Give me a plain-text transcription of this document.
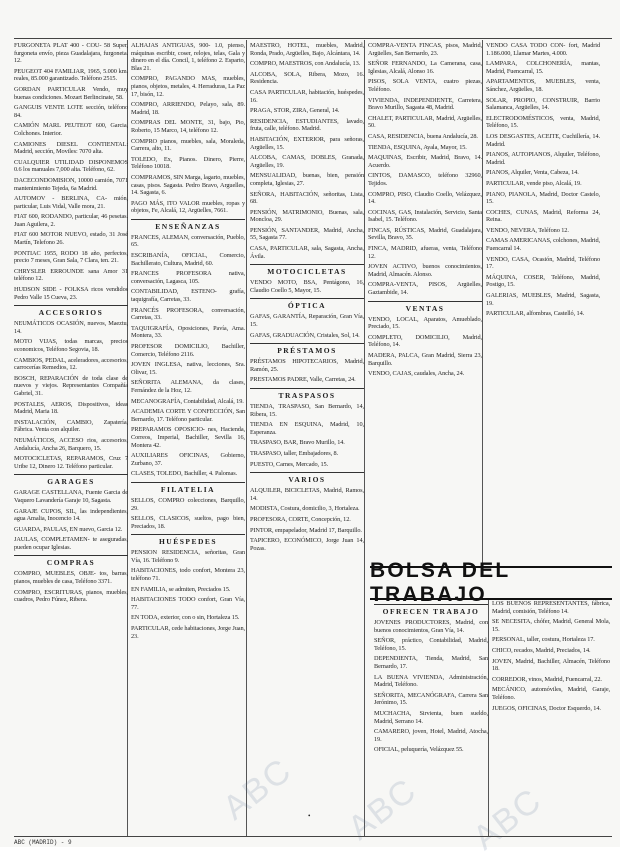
FURGONETA PLAT 400 - COU- 58 Super, furgoneta envío, pieza Guadalajara, furgoneta. 12.
PEUGEOT 404 FAMILIAR, 1965, 5.000 km. reales, 85.000 garantizado. Teléfono 2515.
GORDAN PARTICULAR Vendo, muy buenas condiciones. Mozart Berlincinate, 58.
GANGUIS VENTE LOTE sección, teléfono 84.
CAMIÓN MARL PEUTEOT 600, Garcia, Colchones. Interior.
CAMIONES DIESEL CONTIENTAL: Madrid, sección, Moviles: 7070 alta.
CUALQUIER UTILIDAD DISPONEMOS 0.6 los manuales 7,000 alta. Teléfono, 62.
DACECONDOMISION, 10000 camión, 7071 mantenimiento Tejeda, 6a Madrid.
AUTOMOV - BERLINA, CA- mión, particular, Luis Vidal, Valle mora, 21.
FIAT 600, RODANDO, particular, 46 pesetas. Juan Aguilera, 2.
FIAT 600 MOTOR NUEVO, estado, 31 José Martín, Telefono 26.
PONTIAC 1955, RODO 18 año, perfectos, precio 7 meses, Gran Sala, 7 Clara, ten. 21.
CHRYSLER ERROUNDE sana Amor 31 teléfono 12.
HUDSON SIDE - FOLKSA ricos vendidos Pedro Valle 15 Cueva, 23.
ACCESORIOS
NEUMÁTICOS OCASIÓN, nuevos, Maeztu, 14.
MOTO VIJAS, todas marcas, precios economicos, Teléfono Segovia, 18.
CAMBIOS, PEDAL, aceleradores, accesorios, carrocerías Remedios, 12.
BOSCH, REPARACIÓN de toda clase de nuevos y viejos. Representantes Compañía Gabriel, 31.
POSTALES, AEROS, Dispositivos, ideas Madrid, Maria 18.
INSTALACIÓN, CAMBIO, Zapatería, Fábrica. Venta con alquiler.
NEUMÁTICOS, ACCESO rios, accesorios, Andalucía, Ancha 26, Barquero, 15.
MOTOCICLETAS, REPARAMOS, Cruz 7 Uribe 12, Dinero 12. Teléfono particular.
GARAGES
GARAGE CASTELLANA, Fuente Garcia de Vaquero Lavandería Garaje 10, Sagasta.
GARAJE CUPOS, SIL, las independientes, agua Amalia, Inocencio 14.
GUARDA, PAULAS, EN nuevo, Garcia 12.
JAULAS, COMPLETAMEN- te aseguradas, pueden ocupar Iglesias.
COMPRAS
COMPRO, MUEBLES, OBJE- tos, barras, pianos, muebles de casa, Teléfono 3371.
COMPRO, ESCRITURAS, pianos, muebles, cuadros, Pedro Fúnez, Ribera.
ALHAJAS ANTIGUAS, 900- 1.0, pienso, máquinas escribir, coser, relojes, telas, Gala y dinero en el día. Concil, 1, teléfono 2. Esparto, Blas 21.
COMPRO, PAGANDO MAS, muebles, pianos, objetos, metales, 4. Herraduras, La Paz 17, bisón, 12.
COMPRO, ARRIENDO, Pelayo, sala, 89. Madrid, 18.
COMPRAS DEL MONTE, 31, bajo, Pio, Roberto, 15 Marco, 14, teléfono 12.
COMPRO pianos, muebles, sala, Moraleda, Carrera, alto, 11.
TOLEDO, Ex, Pianos. Dinero, Pierre, Teléfono 10018.
COMPRAMOS, SIN Marga, lagarto, muebles, casas, pisos. Sagasta. Pedro Bravo, Arguelles, 14. Sagasta, 6.
PAGO MÁS, ITO VALOR muebles, ropas y objetos, Fe, Alcalá, 12, Argüelles, 7661.
ENSEÑANZAS
FRANCES, ALEMAN, conversación, Pueblo, 65.
ESCRIBANÍA, OFICIAL, Comercio, Bachillerato, Cultura, Madrid, 60.
FRANCES PROFESORA nativa, conversación, Lagasca, 105.
CONTABILIDAD, ESTENO- grafía, taquigrafía, Carretas, 33.
FRANCÉS PROFESORA, conversación, Carretas, 33.
TAQUIGRAFÍA, Oposiciones, Pavía, Ama. Montera, 33.
PROFESOR DOMICILIO, Bachiller, Comercio, Teléfono 2116.
JOVEN INGLESA, nativa, lecciones, Sra. Olivar, 15.
SEÑORITA ALEMANA, da clases, Fernández de la Hoz, 12.
MECANOGRAFÍA, Contabilidad, Alcalá, 19.
ACADEMIA CORTE Y CONFECCIÓN, San Bernardo, 17. Teléfono particular.
PREPARAMOS OPOSICIO- nes, Hacienda, Correos, Imperial, Bachiller, Sevilla 16, Montera 42.
AUXILIARES OFICINAS, Gobierno, Zurbano, 37.
CLASES, TOLEDO, Bachiller, 4. Palomas.
FILATELIA
SELLOS, COMPRO colecciones, Barquillo, 29.
SELLOS, CLASICOS, sueltos, pago bien, Preciados, 18.
HUÉSPEDES
PENSION RESIDENCIA, señoritas, Gran Vía, 16. Teléfono 9.
HABITACIONES, todo confort, Montera 23, teléfono 71.
EN FAMILIA, se admiten, Preciados 15.
HABITACIONES TODO confort, Gran Vía, 77.
EN TODA, exterior, con o sin, Hortaleza 15.
PARTICULAR, cede habitaciones, Jorge Juan, 23.
MAESTRO, HOTEL, muebles, Madrid, Ronda, Prado, Argüelles, Bajo, Alcántara, 14.
COMPRO, MAESTROS, con Andalucía, 13.
ALCOBA, SOLA, Ribera, Mozo, 16. Residencia.
CASA PARTICULAR, habitación, huéspedes, 16.
PRAGA, STOR, ZIRA, General, 14.
RESIDENCIA, ESTUDIANTES, lavado, fruta, calle, teléfono. Madrid.
HABITACIÓN, EXTERIOR, para señoras, Argüelles, 15.
ALCOBA, CAMAS, DOBLES, Granada, Argüelles, 19.
MENSUALIDAD, buenas, bien, pensión completa, Iglesias, 27.
SEÑORA, HABITACIÓN, señoritas, Lista, 68.
PENSIÓN, MATRIMONIO, Buenas, sala, Moncloa, 29.
PENSIÓN, SANTANDER, Madrid, Ancha, 55, Sagasta 77.
CASA, PARTICULAR, sala, Sagasta, Ancha, Ávila.
MOTOCICLETAS
VENDO MOTO, BSA, Pentágono, 16, Claudio Coello 5, Mayor, 15.
ÓPTICA
GAFAS, GARANTÍA, Reparación, Gran Vía, 15.
GAFAS, GRADUACIÓN, Cristales, Sol, 14.
PRÉSTAMOS
PRÉSTAMOS HIPOTECARIOS, Madrid, Ramón, 25.
PRESTAMOS PADRE, Valle, Carretas, 24.
TRASPASOS
TIENDA, TRASPASO, San Bernardo, 14, Ribera, 15.
TIENDA EN ESQUINA, Madrid, 10, Esperanza.
TRASPASO, BAR, Bravo Murillo, 14.
TRASPASO, taller, Embajadores, 8.
PUESTO, Carnes, Mercado, 15.
VARIOS
ALQUILER, BICICLETAS, Madrid, Ramos, 14.
MODISTA, Costura, domicilio, 3, Hortaleza.
PROFESORA, CORTE, Concepción, 12.
PINTOR, empapelador, Madrid 17, Barquillo.
TAPICERO, ECONÓMICO, Jorge Juan 14, Pozas.
COMPRA-VENTA FINCAS, pisos, Madrid, Argüelles, San Bernardo, 23.
SEÑOR FERNANDO, La Camerana, casa, Iglesias, Alcalá, Alonso 16.
PISOS, SOLA VENTA, cuatro piezas, Teléfono.
VIVIENDA, INDEPENDIENTE, Carretera, Bravo Murillo, Sagasta 48, Madrid.
CHALET, PARTICULAR, Madrid, Argüelles, 50.
CASA, RESIDENCIA, buena Andalucía, 28.
TIENDA, ESQUINA, Ayala, Mayor, 15.
MAQUINAS, Escribir, Madrid, Bravo, 14. Acuerdo.
CINTOS, DAMASCO, teléfono 32960, Tejidos.
COMPRO, PISO, Claudio Coello, Velázquez, 14.
COCINAS, GAS, Instalación, Servicio, Santa Isabel, 15. Teléfono.
FINCAS, RÚSTICAS, Madrid, Guadalajara, Sevilla, Bravo, 35.
FINCA, MADRID, afueras, venta, Teléfono 12.
JOVEN ACTIVO, buenos conocimientos, Madrid, Almacén. Alonso.
COMPRA-VENTA, PISOS, Argüelles, Gaztambide, 14.
VENTAS
VENDO, LOCAL, Aparatos, Amueblado, Preciado, 15.
COMPLETO, DOMICILIO, Madrid, Teléfono, 14.
MADERA, PALCA, Gran Madrid, Sierra 23, Barquillo.
VENDO, CAJAS, caudales, Ancha, 24.
VENDO CASA TODO CON- fort, Madrid 1.186.000, Llamar Martes, 4.000.
LAMPARA, COLCHONERÍA, mantas, Madrid, Fuencarral, 15.
APARTAMENTOS, MUEBLES, venta, Sánchez, Argüelles, 18.
SOLAR, PROPIO, CONSTRUIR, Barrio Salamanca, Argüelles, 14.
ELECTRODOMÉSTICOS, venta, Madrid, Teléfono, 15.
LOS DESGASTES, ACEITE, Cuchillería, 14. Madrid.
PIANOS, AUTOPIANOS, Alquiler, Teléfono, Madrid.
PIANOS, Alquiler, Venta, Cabeza, 14.
PARTICULAR, vende piso, Alcalá, 19.
PIANO, PIANOLA, Madrid, Doctor Castelo, 15.
COCHES, CUNAS, Madrid, Reforma 24, Reina.
VENDO, NEVERA, Teléfono 12.
CAMAS AMERICANAS, colchones, Madrid, Fuencarral 14.
VENDO, CASA, Ocasión, Madrid, Teléfono 17.
MÁQUINA, COSER, Teléfono, Madrid, Postigo, 15.
GALERIAS, MUEBLES, Madrid, Sagasta, 19.
PARTICULAR, alfombras, Castelló, 14.
BOLSA DEL TRABAJO
OFRECEN TRABAJO
JOVENES PRODUCTORES, Madrid, con buenos conocimientos, Gran Vía, 14.
SEÑOR, práctico, Contabilidad, Madrid, Teléfono, 15.
DEPENDIENTA, Tienda, Madrid, San Bernardo, 17.
LA BUENA VIVIENDA, Administración, Madrid, Teléfono.
SEÑORITA, MECANÓGRAFA, Carrera San Jerónimo, 15.
MUCHACHA, Sirvienta, buen sueldo, Madrid, Serrano 14.
CAMARERO, joven, Hotel, Madrid, Atocha, 19.
OFICIAL, peluquería, Velázquez 55.
LOS BUENOS REPRESENTANTES, fábrica, Madrid, comisión, Teléfono 14.
SE NECESITA, chófer, Madrid, General Mola, 15.
PERSONAL, taller, costura, Hortaleza 17.
CHICO, recados, Madrid, Preciados, 14.
JOVEN, Madrid, Bachiller, Almacén, Teléfono 18.
CORREDOR, vinos, Madrid, Fuencarral, 22.
MECÁNICO, automóviles, Madrid, Garaje, Teléfono.
JUEGOS, OFICINAS, Doctor Esquerdo, 14.
•
ABC ABC ABC
ABC (MADRID) - 9
